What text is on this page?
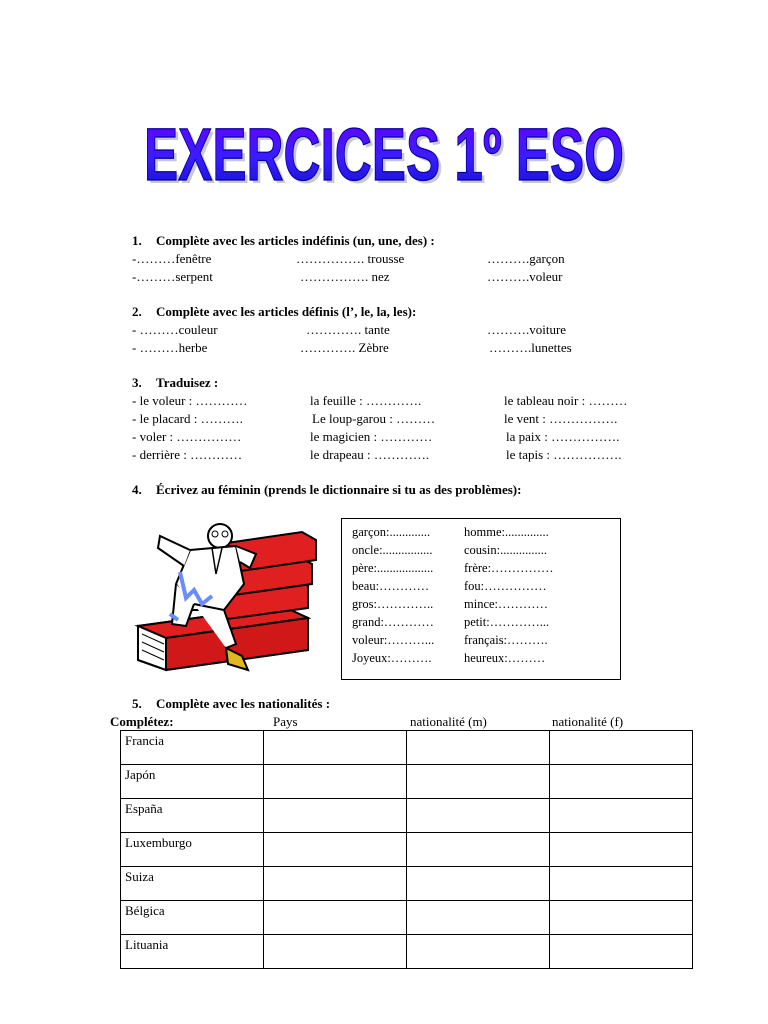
EXERCICES 1º ESO
EXERCICES 1º ESO
1. Complète avec les articles indéfinis (un, une, des) :
-………fenêtre	……………. trousse	……….garçon
-………serpent	……………. nez	……….voleur
2. Complète avec les articles définis (l’, le, la, les):
- ………couleur	…………. tante	……….voiture
- ………herbe	…………. Zèbre	……….lunettes
3. Traduisez :
- le voleur : …………	la feuille : ………….	le tableau noir : ………
- le placard : ……….	Le loup-garou : ………	le vent : …………….
- voler : ……………	le magicien : …………	la paix : …………….
- derrière : …………	le drapeau : ………….	le tapis : …………….
4. Écrivez au féminin (prends le dictionnaire si tu as des problèmes):
garçon:.............	homme:..............
oncle:................	cousin:...............
père:.................. frère:……………
beau:…………	fou:……………
gros:………….. mince:…………
grand:………… petit:…………...
voleur:………... français:……….
Joyeux:……….	heureux:………
5. Complète avec les nationalités :
Complétez:	Pays	nationalité (m)	nationalité (f)
Francia			
Japón			
España			
Luxemburgo			
Suiza			
Bélgica			
Lituania			
